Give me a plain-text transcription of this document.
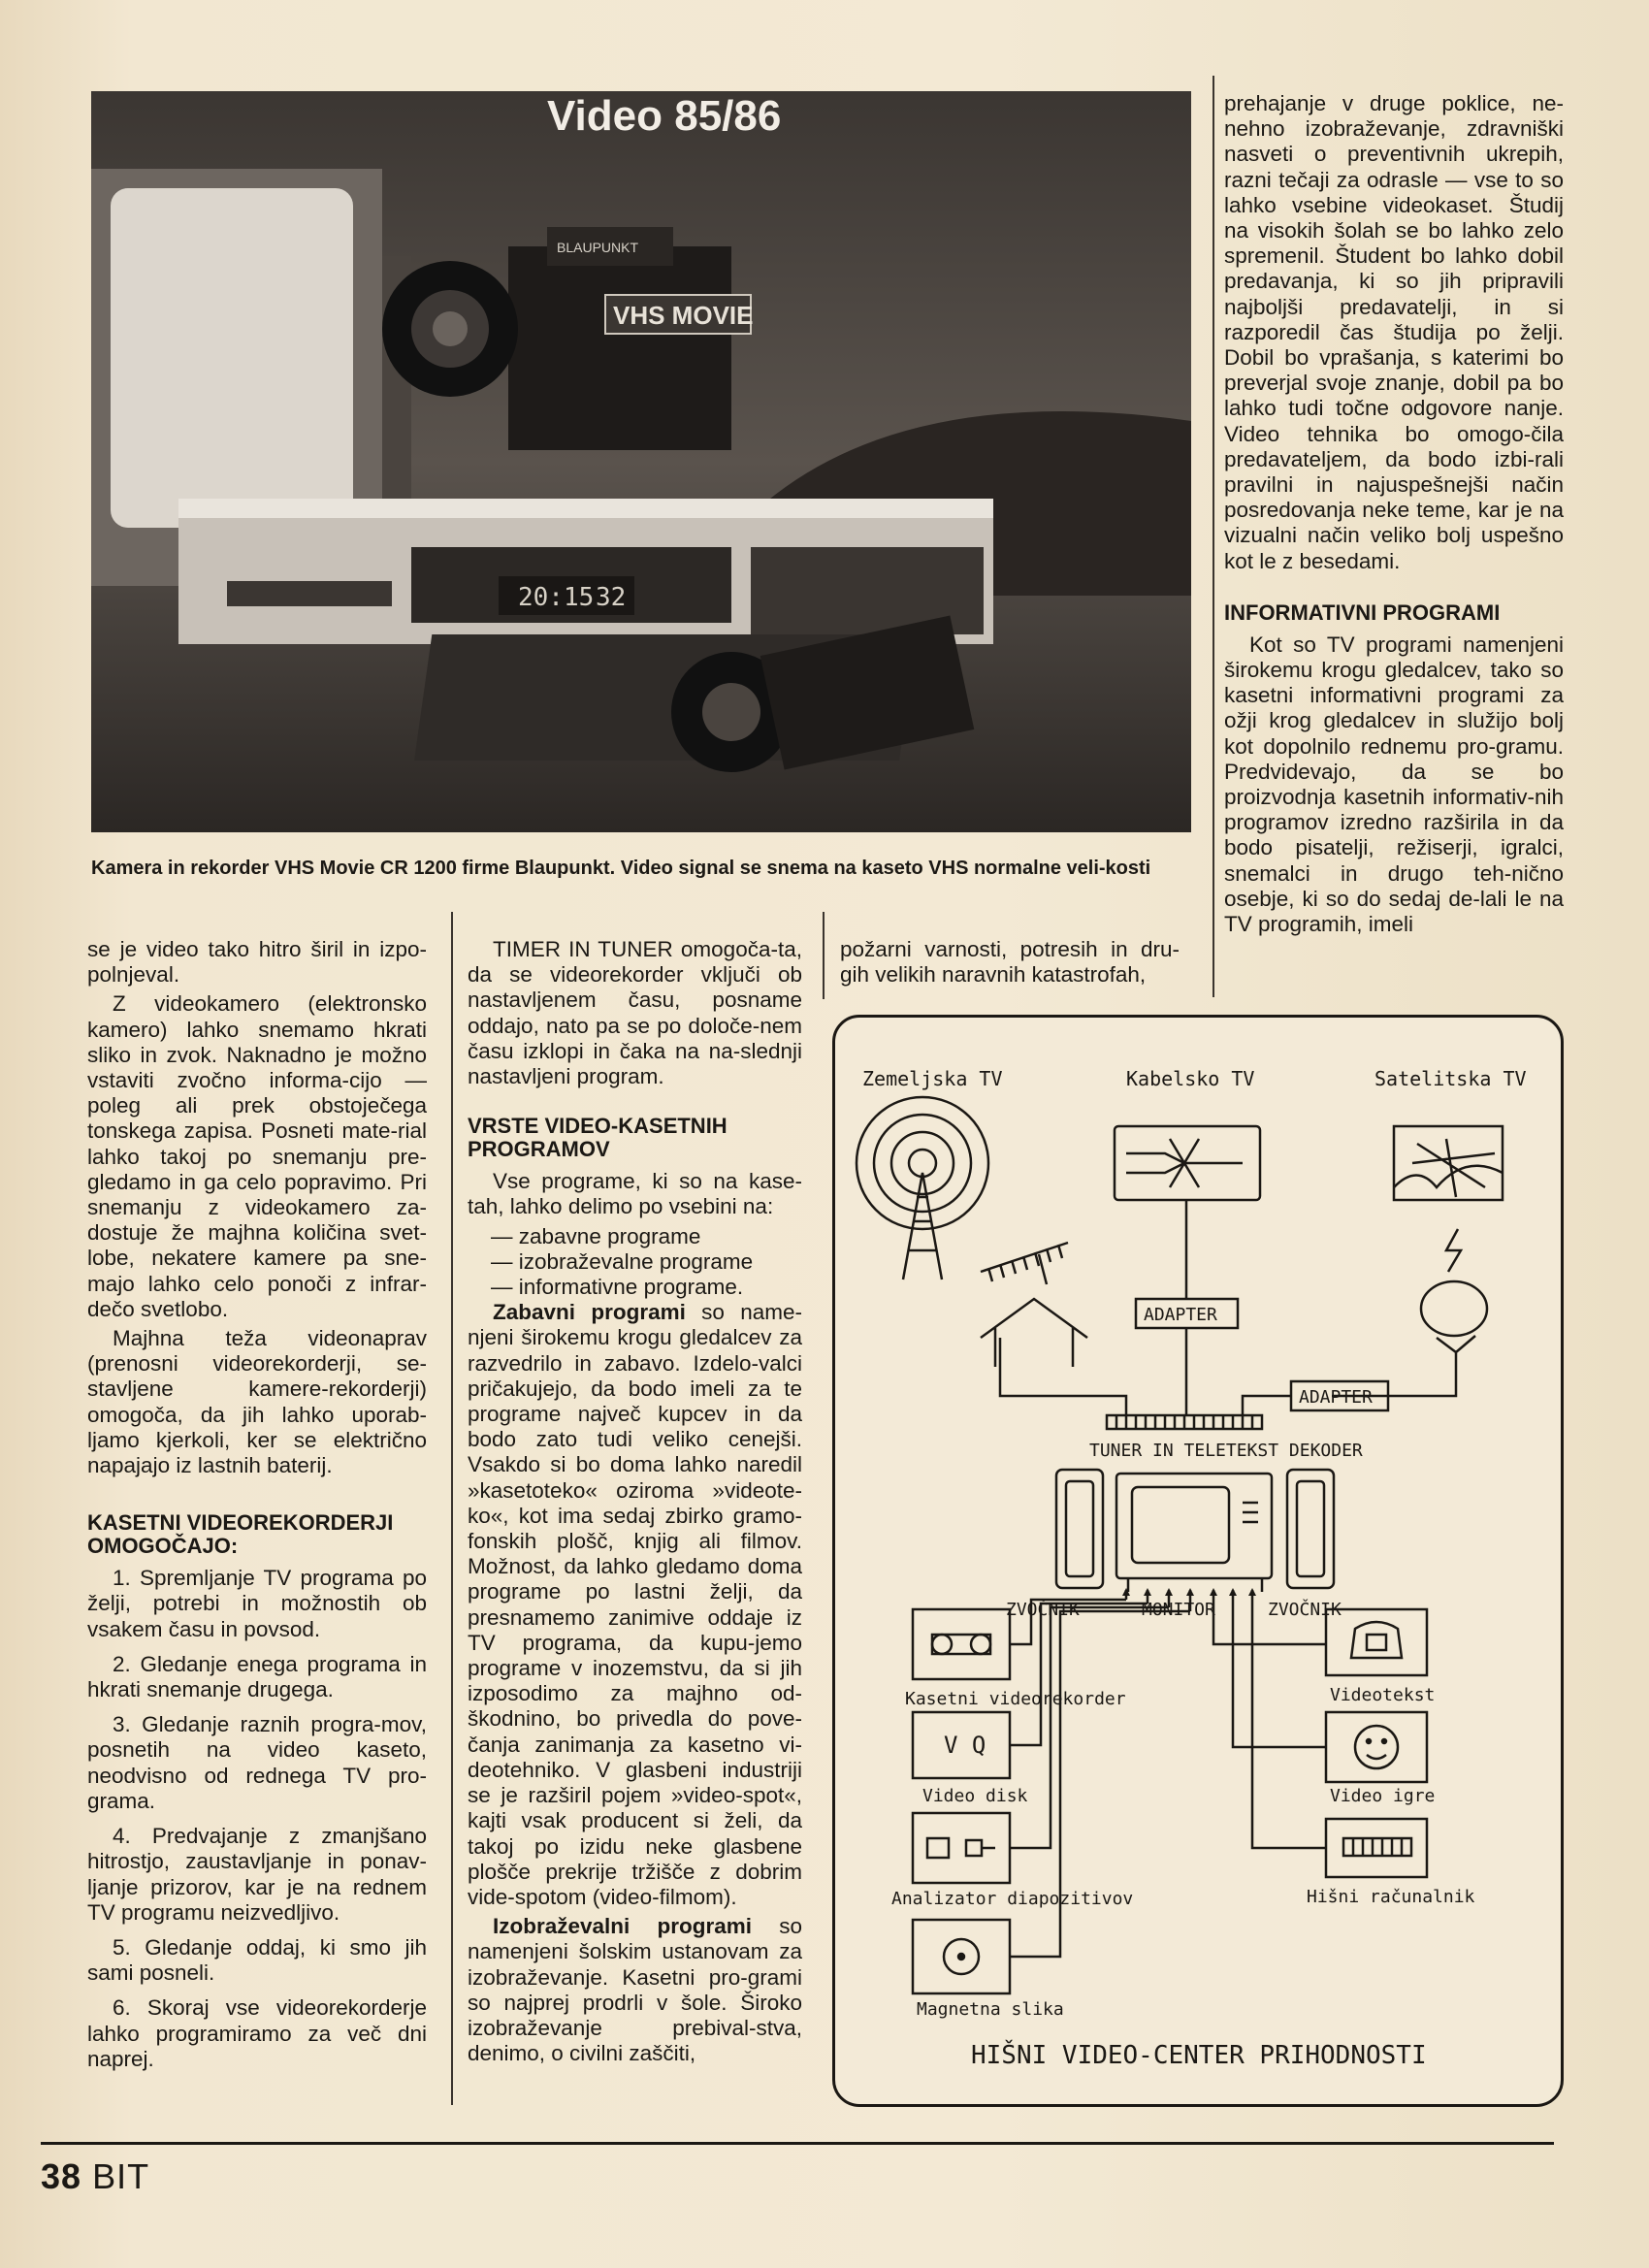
20:15 32
BLAUPUNKT
VHS MOVIE
Video 85/86
Kamera in rekorder VHS Movie CR 1200 firme Blaupunkt. Video signal se snema na kaseto VHS normalne veli-kosti

se je video tako hitro širil in izpo-polnjeval.

Z videokamero (elektronsko kamero) lahko snemamo hkrati sliko in zvok. Naknadno je možno vstaviti zvočno informa-cijo — poleg ali prek obstoječega tonskega zapisa. Posneti mate-rial lahko takoj po snemanju pre-gledamo in ga celo popravimo. Pri snemanju z videokamero za-dostuje že majhna količina svet-lobe, nekatere kamere pa sne-majo lahko celo ponoči z infrar-dečo svetlobo.

Majhna teža videonaprav (prenosni videorekorderji, se-stavljene kamere-rekorderji) omogoča, da jih lahko uporab-ljamo kjerkoli, ker se električno napajajo iz lastnih baterij.

KASETNI VIDEOREKORDERJI OMOGOČAJO:
1. Spremljanje TV programa po želji, potrebi in možnostih ob vsakem času in povsod.
2. Gledanje enega programa in hkrati snemanje drugega.
3. Gledanje raznih progra-mov, posnetih na video kaseto, neodvisno od rednega TV pro-grama.
4. Predvajanje z zmanjšano hitrostjo, zaustavljanje in ponav-ljanje prizorov, kar je na rednem TV programu neizvedljivo.
5. Gledanje oddaj, ki smo jih sami posneli.
6. Skoraj vse videorekorderje lahko programiramo za več dni naprej.

TIMER IN TUNER omogoča-ta, da se videorekorder vključi ob nastavljenem času, posname oddajo, nato pa se po določe-nem času izklopi in čaka na na-slednji nastavljeni program.

VRSTE VIDEO-KASETNIH PROGRAMOV

Vse programe, ki so na kase-tah, lahko delimo po vsebini na:

— zabavne programe
— izobraževalne programe
— informativne programe.

Zabavni programi so name-njeni širokemu krogu gledalcev za razvedrilo in zabavo. Izdelo-valci pričakujejo, da bodo imeli za te programe največ kupcev in da bodo zato tudi veliko cenejši. Vsakdo si bo doma lahko naredil »kasetoteko« oziroma »videote-ko«, kot ima sedaj zbirko gramo-fonskih plošč, knjig ali filmov. Možnost, da lahko gledamo doma programe po lastni želji, da presnamemo zanimive oddaje iz TV programa, da kupu-jemo programe v inozemstvu, da si jih izposodimo za majhno od-škodnino, bo privedla do pove-čanja zanimanja za kasetno vi-deotehniko. V glasbeni industriji se je razširil pojem »video-spot«, kajti vsak producent si želi, da takoj po izidu neke glasbene plošče prekrije tržišče z dobrim vide-spotom (video-filmom).

Izobraževalni programi so namenjeni šolskim ustanovam za izobraževanje. Kasetni pro-grami so najprej prodrli v šole. Široko izobraževanje prebival-stva, denimo, o civilni zaščiti,

požarni varnosti, potresih in dru-gih velikih naravnih katastrofah,

prehajanje v druge poklice, ne-nehno izobraževanje, zdravniški nasveti o preventivnih ukrepih, razni tečaji za odrasle — vse to so lahko vsebine videokaset. Študij na visokih šolah se bo lahko zelo spremenil. Študent bo lahko dobil predavanja, ki so jih pripravili najboljši predavatelji, in si razporedil čas študija po želji. Dobil bo vprašanja, s katerimi bo preverjal svoje znanje, dobil pa bo lahko tudi točne odgovore nanje. Video tehnika bo omogo-čila predavateljem, da bodo izbi-rali pravilni in najuspešnejši način posredovanja neke teme, kar je na vizualni način veliko bolj uspešno kot le z besedami.

INFORMATIVNI PROGRAMI

Kot so TV programi namenjeni širokemu krogu gledalcev, tako so kasetni informativni programi za ožji krog gledalcev in služijo bolj kot dopolnilo rednemu pro-gramu. Predvidevajo, da se bo proizvodnja kasetnih informativ-nih programov izredno razširila in da bodo pisatelji, režiserji, igralci, snemalci in drugo teh-nično osebje, ki so do sedaj de-lali le na TV programih, imeli

Zemeljska TV	Kabelsko TV	Satelitska TV
ADAPTER
ADAPTER
TUNER IN TELETEKST DEKODER
ZVOČNIK	MONITOR	ZVOČNIK
Kasetni videorekorder
V Q
Video disk
Analizator diapozitivov
Magnetna slika
Videotekst
Video igre
Hišni računalnik
HIŠNI VIDEO-CENTER PRIHODNOSTI
38 BIT
